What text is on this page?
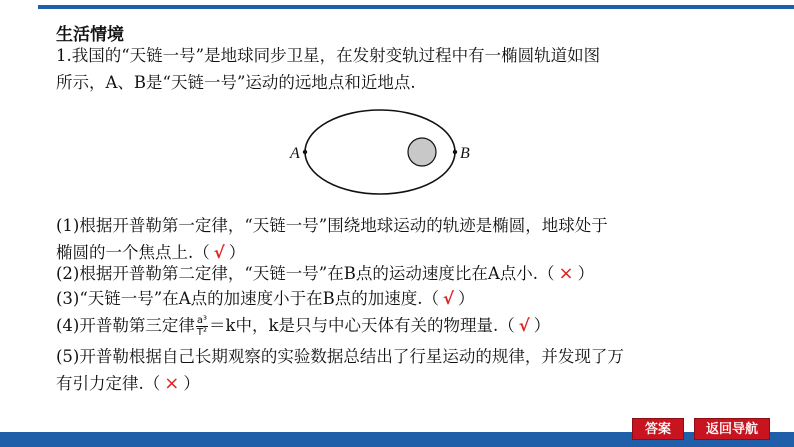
生活情境
1.我国的“天链一号”是地球同步卫星，在发射变轨过程中有一椭圆轨道如图
所示，A、B是“天链一号”运动的远地点和近地点.
A	B
(1)根据开普勒第一定律，“天链一号”围绕地球运动的轨迹是椭圆，地球处于
椭圆的一个焦点上.（ √ ）
(2)根据开普勒第二定律，“天链一号”在B点的运动速度比在A点小.（ × ）
(3)“天链一号”在A点的加速度小于在B点的加速度.（ √ ）
(4)开普勒第三定律 $\frac{\text{a³}}{\text{T²}} =k$中，k是只与中心天体有关的物理量.（ √ ）
(5)开普勒根据自己长期观察的实验数据总结出了行星运动的规律，并发现了万
有引力定律.（ × ）
答案	返回导航
